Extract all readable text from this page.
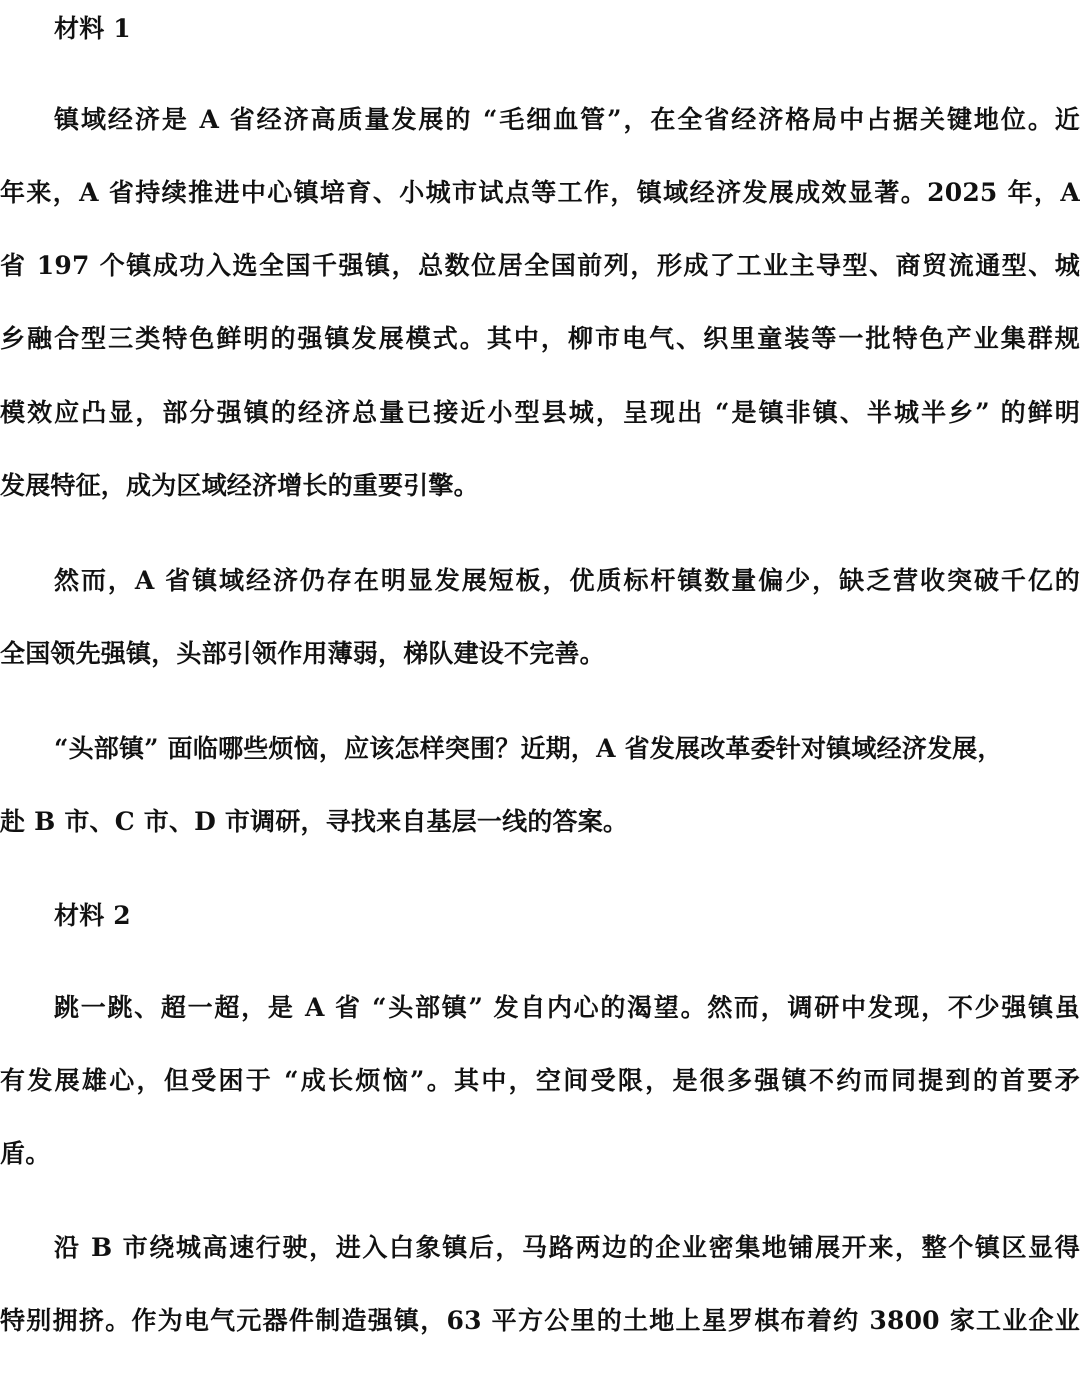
材料 1
镇域经济是 A 省经济高质量发展的 “毛细血管”，在全省经济格局中占据关键地位。近
年来，A 省持续推进中心镇培育、小城市试点等工作，镇域经济发展成效显著。2025 年，A
省 197 个镇成功入选全国千强镇，总数位居全国前列，形成了工业主导型、商贸流通型、城
乡融合型三类特色鲜明的强镇发展模式。其中，柳市电气、织里童装等一批特色产业集群规
模效应凸显，部分强镇的经济总量已接近小型县城，呈现出 “是镇非镇、半城半乡” 的鲜明
发展特征，成为区域经济增长的重要引擎。
然而，A 省镇域经济仍存在明显发展短板，优质标杆镇数量偏少，缺乏营收突破千亿的
全国领先强镇，头部引领作用薄弱，梯队建设不完善。
“头部镇” 面临哪些烦恼，应该怎样突围？近期，A 省发展改革委针对镇域经济发展，
赴 B 市、C 市、D 市调研，寻找来自基层一线的答案。
材料 2
跳一跳、超一超，是 A 省 “头部镇” 发自内心的渴望。然而，调研中发现，不少强镇虽
有发展雄心，但受困于 “成长烦恼”。其中，空间受限，是很多强镇不约而同提到的首要矛
盾。
沿 B 市绕城高速行驶，进入白象镇后，马路两边的企业密集地铺展开来，整个镇区显得
特别拥挤。作为电气元器件制造强镇，63 平方公里的土地上星罗棋布着约 3800 家工业企业
